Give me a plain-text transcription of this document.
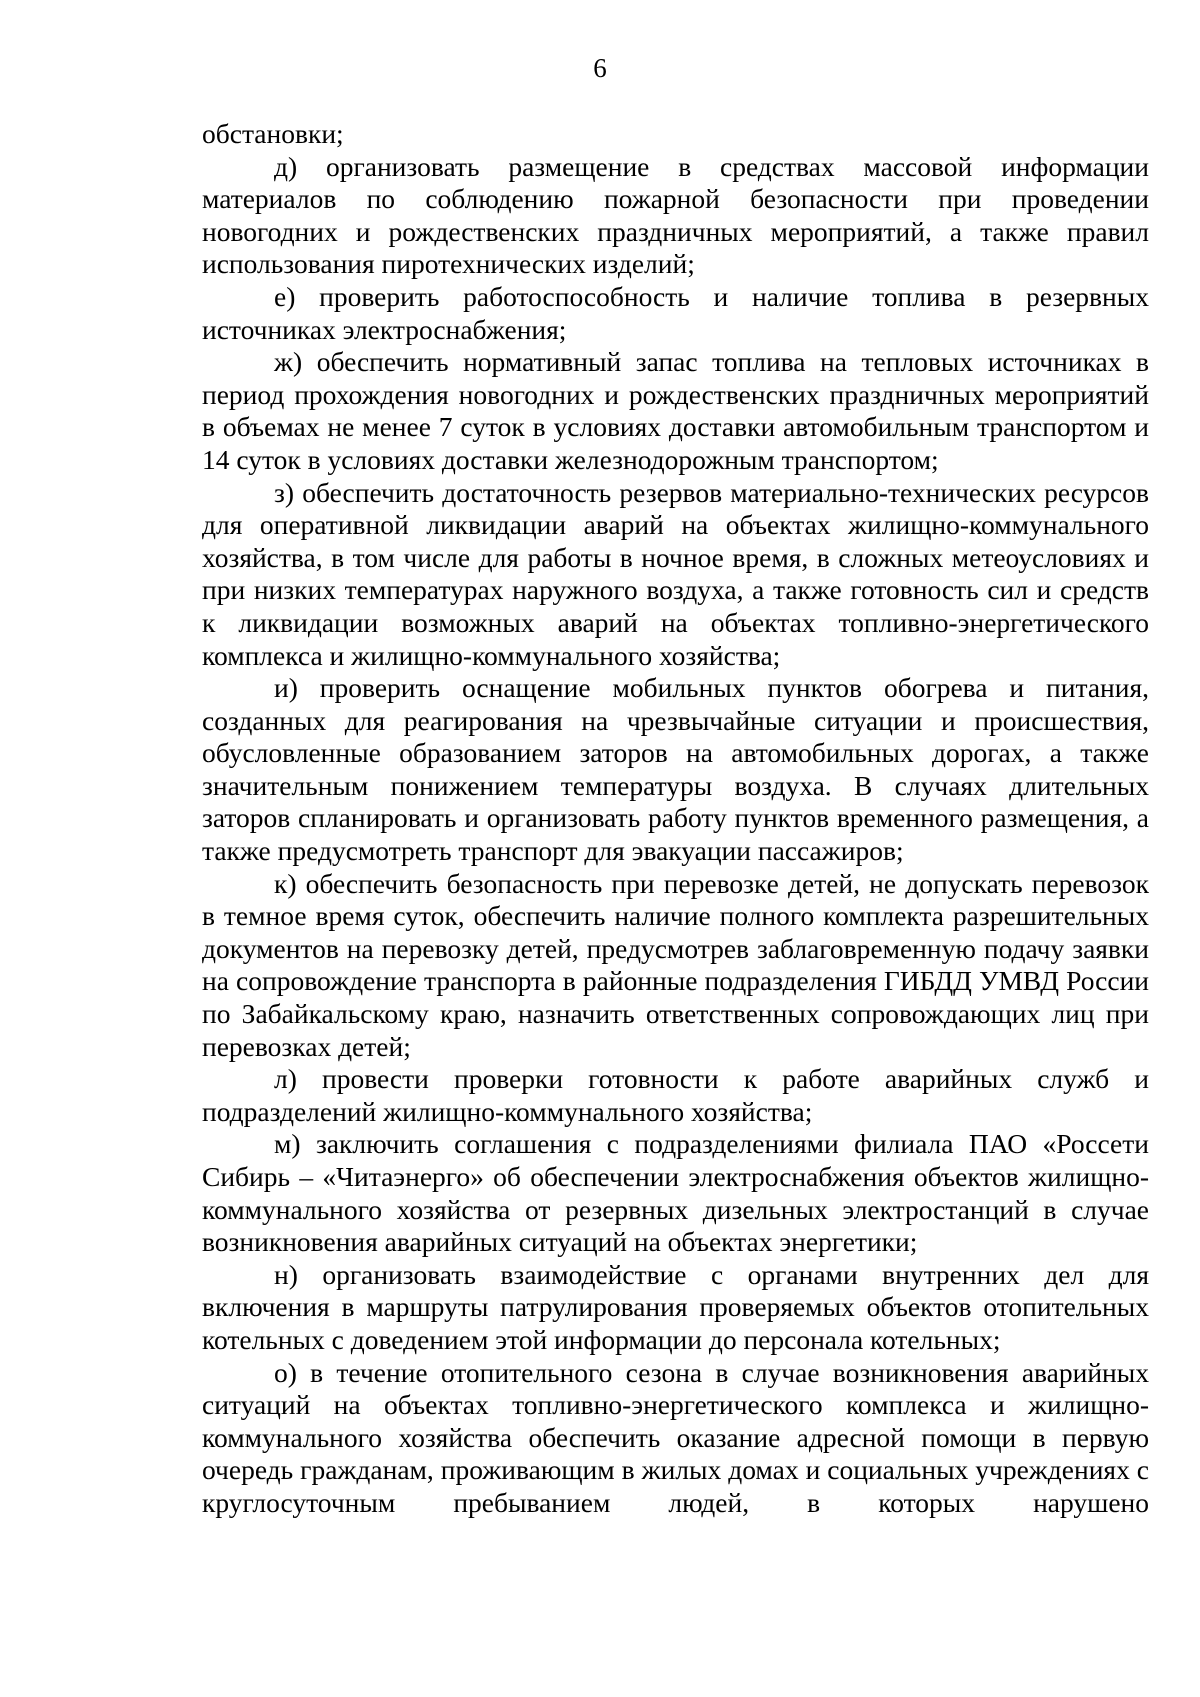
6

обстановки;

д) организовать размещение в средствах массовой информации материалов по соблюдению пожарной безопасности при проведении новогодних и рождественских праздничных мероприятий, а также правил использования пиротехнических изделий;

е) проверить работоспособность и наличие топлива в резервных источниках электроснабжения;

ж) обеспечить нормативный запас топлива на тепловых источниках в период прохождения новогодних и рождественских праздничных мероприятий в объемах не менее 7 суток в условиях доставки автомобильным транспортом и 14 суток в условиях доставки железнодорожным транспортом;

з) обеспечить достаточность резервов материально-технических ресурсов для оперативной ликвидации аварий на объектах жилищно-коммунального хозяйства, в том числе для работы в ночное время, в сложных метеоусловиях и при низких температурах наружного воздуха, а также готовность сил и средств к ликвидации возможных аварий на объектах топливно-энергетического комплекса и жилищно-коммунального хозяйства;

и) проверить оснащение мобильных пунктов обогрева и питания, созданных для реагирования на чрезвычайные ситуации и происшествия, обусловленные образованием заторов на автомобильных дорогах, а также значительным понижением температуры воздуха. В случаях длительных заторов спланировать и организовать работу пунктов временного размещения, а также предусмотреть транспорт для эвакуации пассажиров;

к) обеспечить безопасность при перевозке детей, не допускать перевозок в темное время суток, обеспечить наличие полного комплекта разрешительных документов на перевозку детей, предусмотрев заблаговременную подачу заявки на сопровождение транспорта в районные подразделения ГИБДД УМВД России по Забайкальскому краю, назначить ответственных сопровождающих лиц при перевозках детей;

л) провести проверки готовности к работе аварийных служб и подразделений жилищно-коммунального хозяйства;

м) заключить соглашения с подразделениями филиала ПАО «Россети Сибирь – «Читаэнерго» об обеспечении электроснабжения объектов жилищно-коммунального хозяйства от резервных дизельных электростанций в случае возникновения аварийных ситуаций на объектах энергетики;

н) организовать взаимодействие с органами внутренних дел для включения в маршруты патрулирования проверяемых объектов отопительных котельных с доведением этой информации до персонала котельных;

о) в течение отопительного сезона в случае возникновения аварийных ситуаций на объектах топливно-энергетического комплекса и жилищно-коммунального хозяйства обеспечить оказание адресной помощи в первую очередь гражданам, проживающим в жилых домах и социальных учреждениях с круглосуточным пребыванием людей, в которых нарушено
